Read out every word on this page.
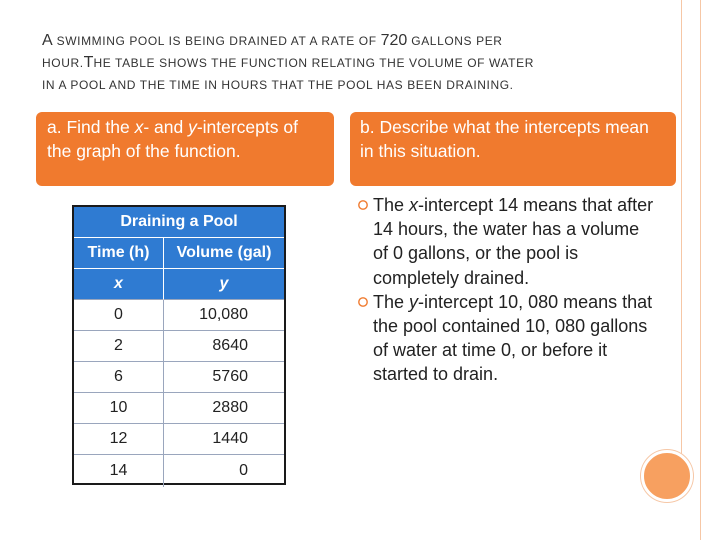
A SWIMMING POOL IS BEING DRAINED AT A RATE OF 720 GALLONS PER
HOUR.THE TABLE SHOWS THE FUNCTION RELATING THE VOLUME OF WATER
IN A POOL AND THE TIME IN HOURS THAT THE POOL HAS BEEN DRAINING.
a. Find the x- and y-intercepts of the graph of the function.
b. Describe what the intercepts mean in this situation.
Draining a Pool
Time (h)	Volume (gal)
x	y
0	10,080
2	8640
6	5760
10	2880
12	1440
14	0
The x-intercept 14 means that after 14 hours, the water has a volume of 0 gallons, or the pool is completely drained.
The y-intercept 10, 080 means that the pool contained 10, 080 gallons of water at time 0, or before it started to drain.
